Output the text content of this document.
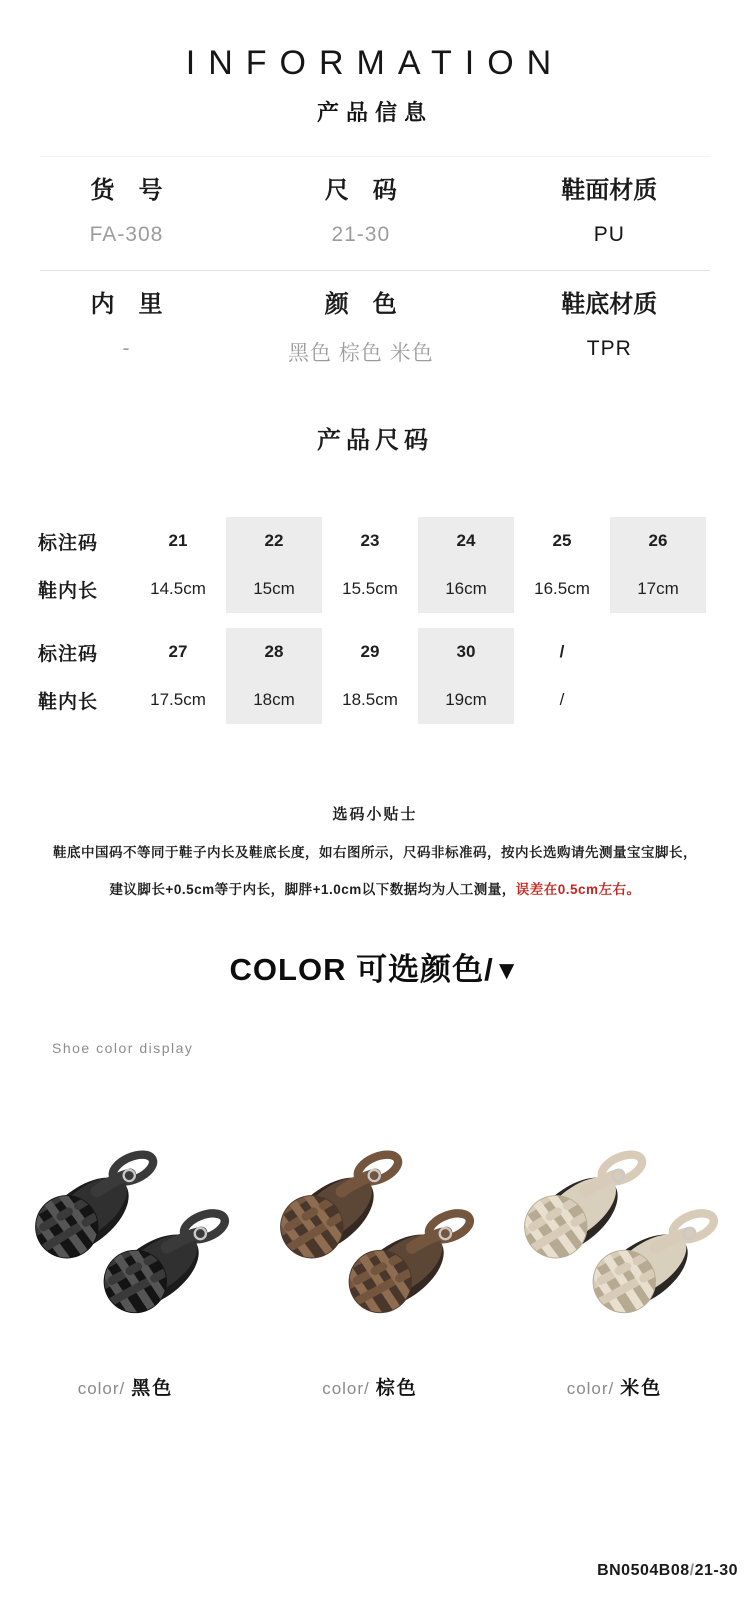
INFORMATION
产品信息
货　号
FA-308
尺　码
21-30
鞋面材质
PU
内　里
-
颜　色
黑色 棕色 米色
鞋底材质
TPR
产品尺码
标注码
鞋内长
21
14.5cm
22
15cm
23
15.5cm
24
16cm
25
16.5cm
26
17cm
标注码
鞋内长
27
17.5cm
28
18cm
29
18.5cm
30
19cm
/
/
选码小贴士
鞋底中国码不等同于鞋子内长及鞋底长度，如右图所示，尺码非标准码，按内长选购请先测量宝宝脚长，
建议脚长+0.5cm等于内长，脚胖+1.0cm以下数据均为人工测量，误差在0.5cm左右。
COLOR 可选颜色/▼
Shoe color display
color/ 黑色	color/ 棕色	color/ 米色
BN0504B08/21-30
